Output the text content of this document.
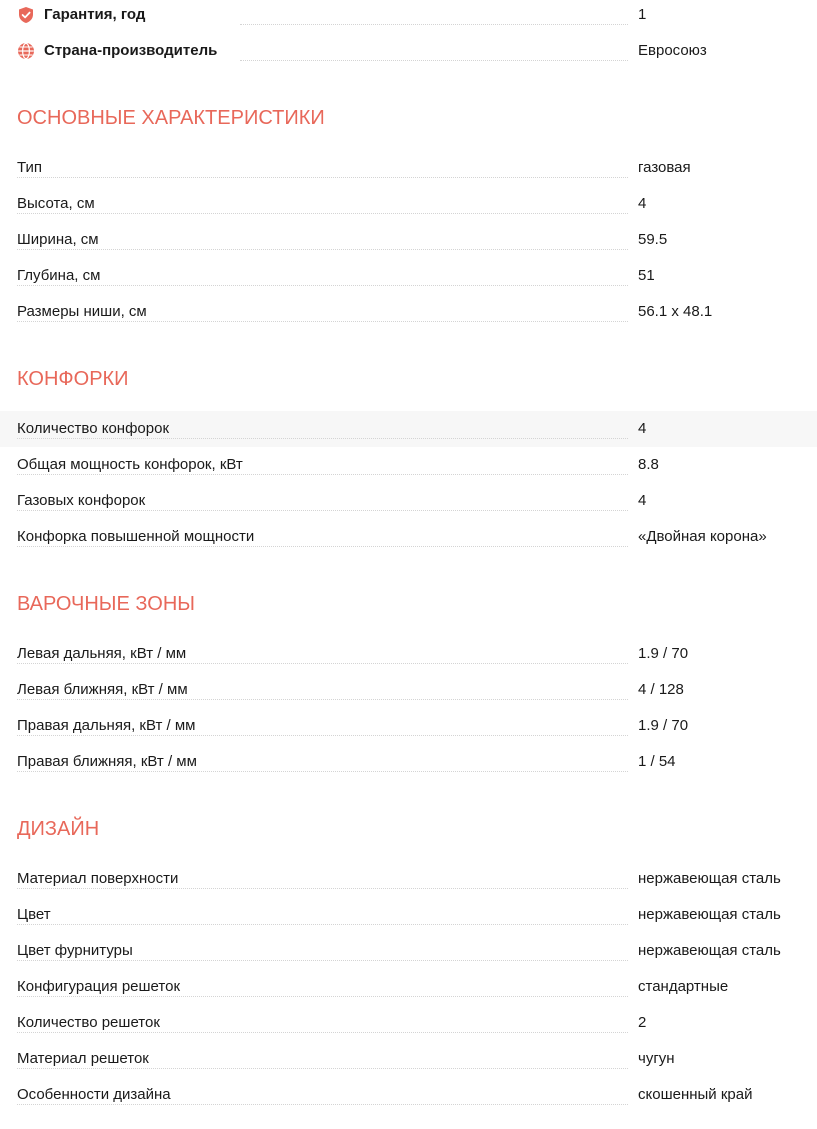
Гарантия, год	1
Страна-производитель	Евросоюз
ОСНОВНЫЕ ХАРАКТЕРИСТИКИ
Тип	газовая
Высота, см	4
Ширина, см	59.5
Глубина, см	51
Размеры ниши, см	56.1 x 48.1
КОНФОРКИ
Количество конфорок	4
Общая мощность конфорок, кВт	8.8
Газовых конфорок	4
Конфорка повышенной мощности	«Двойная корона»
ВАРОЧНЫЕ ЗОНЫ
Левая дальняя, кВт / мм	1.9 / 70
Левая ближняя, кВт / мм	4 / 128
Правая дальняя, кВт / мм	1.9 / 70
Правая ближняя, кВт / мм	1 / 54
ДИЗАЙН
Материал поверхности	нержавеющая сталь
Цвет	нержавеющая сталь
Цвет фурнитуры	нержавеющая сталь
Конфигурация решеток	стандартные
Количество решеток	2
Материал решеток	чугун
Особенности дизайна	скошенный край
